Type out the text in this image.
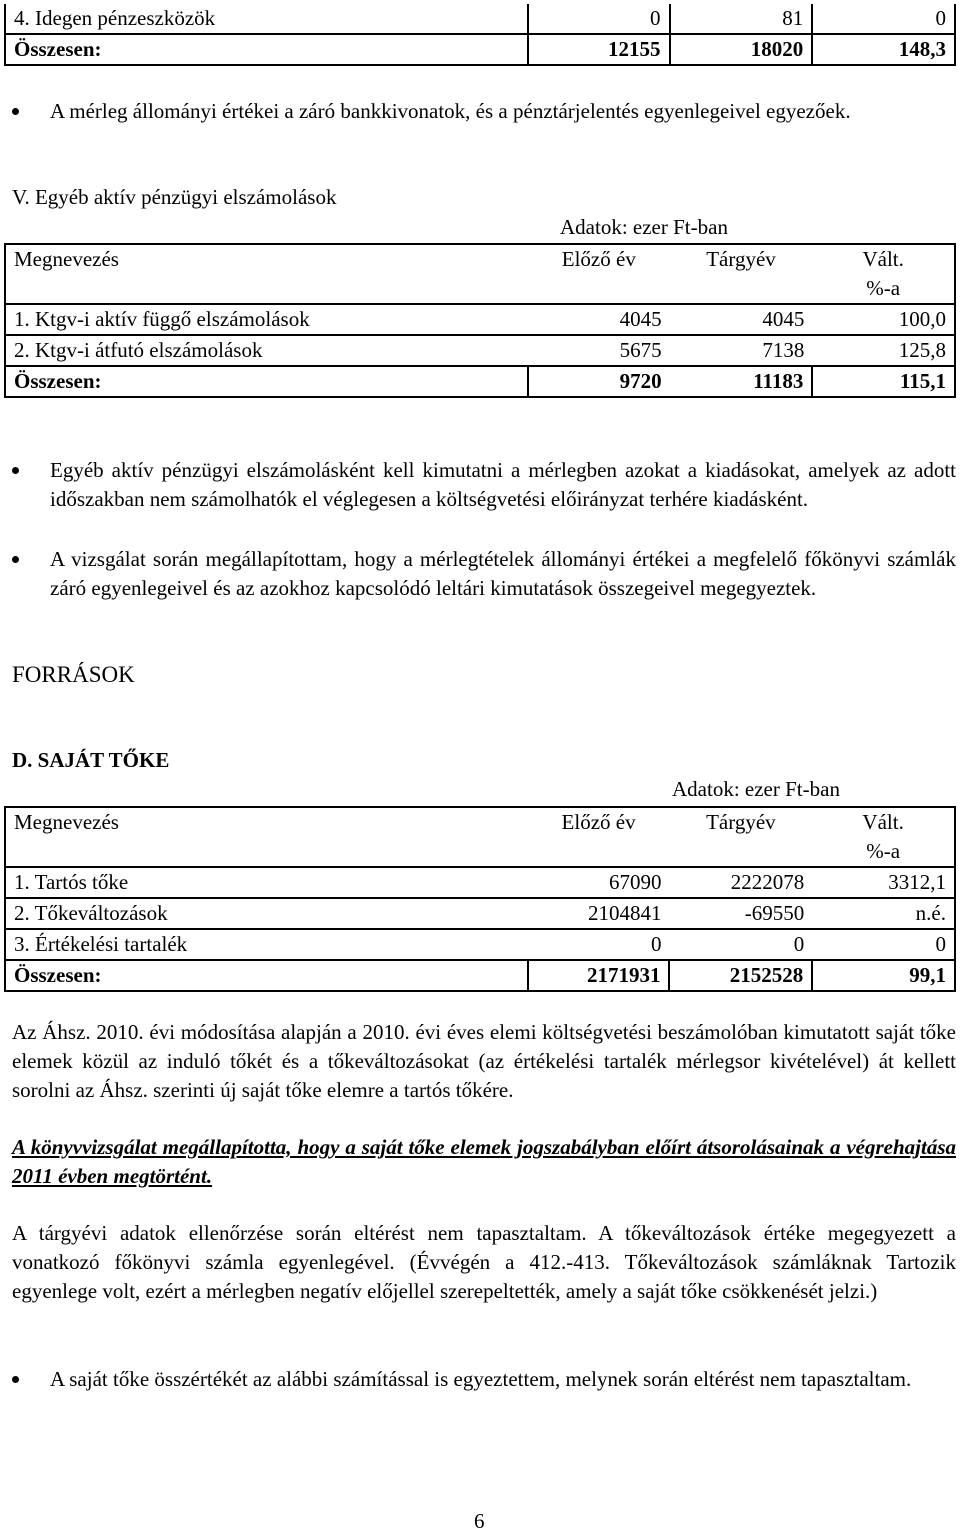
4. Idegen pénzeszközök	0	81	0
Összesen:	12155	18020	148,3

A mérleg állományi értékei a záró bankkivonatok, és a pénztárjelentés egyenlegeivel egyezőek.

V. Egyéb aktív pénzügyi elszámolások

Adatok: ezer Ft-ban
Megnevezés	Előző év	Tárgyév	Vált.
			%-a
1. Ktgv-i aktív függő elszámolások	4045	4045	100,0
2. Ktgv-i átfutó elszámolások	5675	7138	125,8
Összesen:	9720	11183	115,1

Egyéb aktív pénzügyi elszámolásként kell kimutatni a mérlegben azokat a kiadásokat, amelyek az adott időszakban nem számolhatók el véglegesen a költségvetési előirányzat terhére kiadásként.

A vizsgálat során megállapítottam, hogy a mérlegtételek állományi értékei a megfelelő főkönyvi számlák záró egyenlegeivel és az azokhoz kapcsolódó leltári kimutatások összegeivel megegyeztek.

FORRÁSOK

D. SAJÁT TŐKE

Adatok: ezer Ft-ban
Megnevezés	Előző év	Tárgyév	Vált.
			%-a
1. Tartós tőke	67090	2222078	3312,1
2. Tőkeváltozások	2104841	-69550	n.é.
3. Értékelési tartalék	0	0	0
Összesen:	2171931	2152528	99,1

Az Áhsz. 2010. évi módosítása alapján a 2010. évi éves elemi költségvetési beszámolóban kimutatott saját tőke elemek közül az induló tőkét és a tőkeváltozásokat (az értékelési tartalék mérlegsor kivételével) át kellett sorolni az Áhsz. szerinti új saját tőke elemre a tartós tőkére.

A könyvvizsgálat megállapította, hogy a saját tőke elemek jogszabályban előírt átsorolásainak a végrehajtása 2011 évben megtörtént.

A tárgyévi adatok ellenőrzése során eltérést nem tapasztaltam. A tőkeváltozások értéke megegyezett a vonatkozó főkönyvi számla egyenlegével. (Évvégén a 412.-413. Tőkeváltozások számláknak Tartozik egyenlege volt, ezért a mérlegben negatív előjellel szerepeltették, amely a saját tőke csökkenését jelzi.)

A saját tőke összértékét az alábbi számítással is egyeztettem, melynek során eltérést nem tapasztaltam.

6
